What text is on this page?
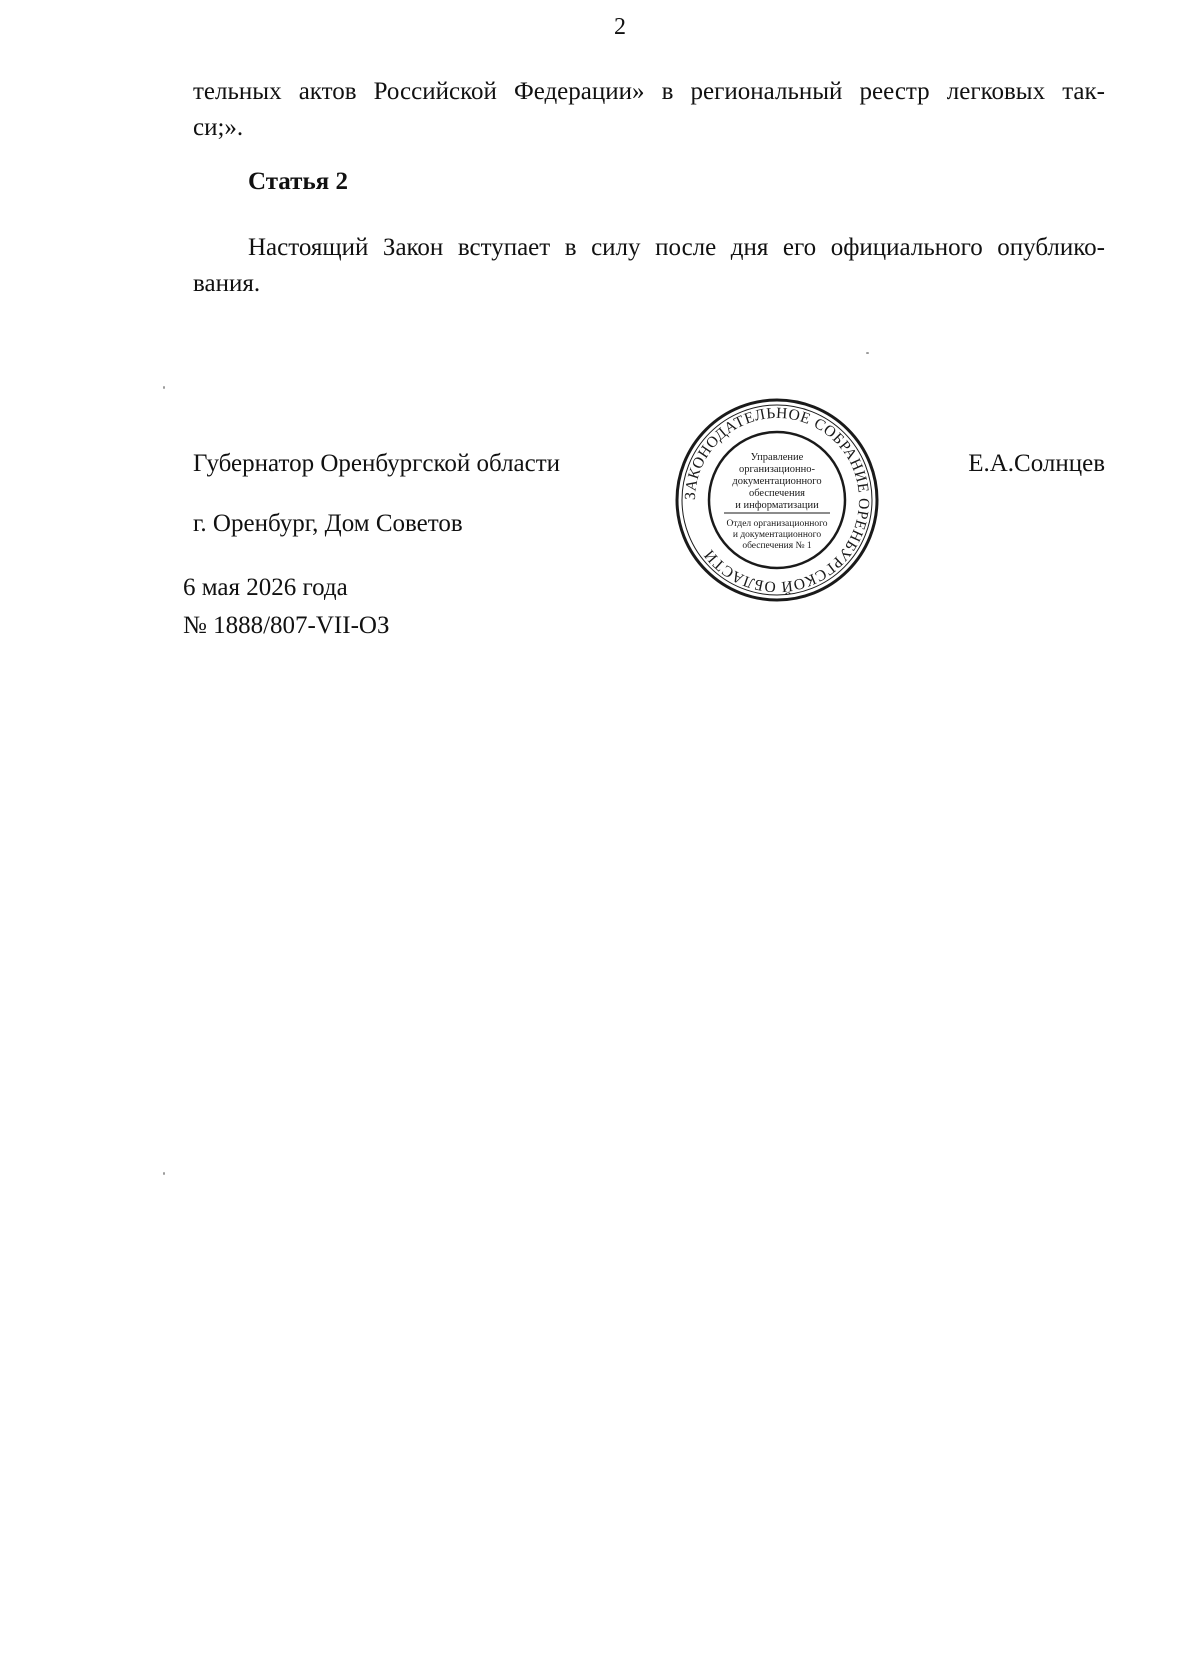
2
тельных актов Российской Федерации» в региональный реестр легковых так-
си;».
Статья 2
Настоящий Закон вступает в силу после дня его официального опублико-
вания.
Губернатор Оренбургской области
г. Оренбург, Дом Советов
6 мая 2026 года
№ 1888/807-VII-ОЗ
Е.А.Солнцев
ЗАКОНОДАТЕЛЬНОЕ СОБРАНИЕ ОРЕНБУРГСКОЙ ОБЛАСТИ
Управление
организационно-
документационного
обеспечения
и информатизации
Отдел организационного
и документационного
обеспечения № 1
